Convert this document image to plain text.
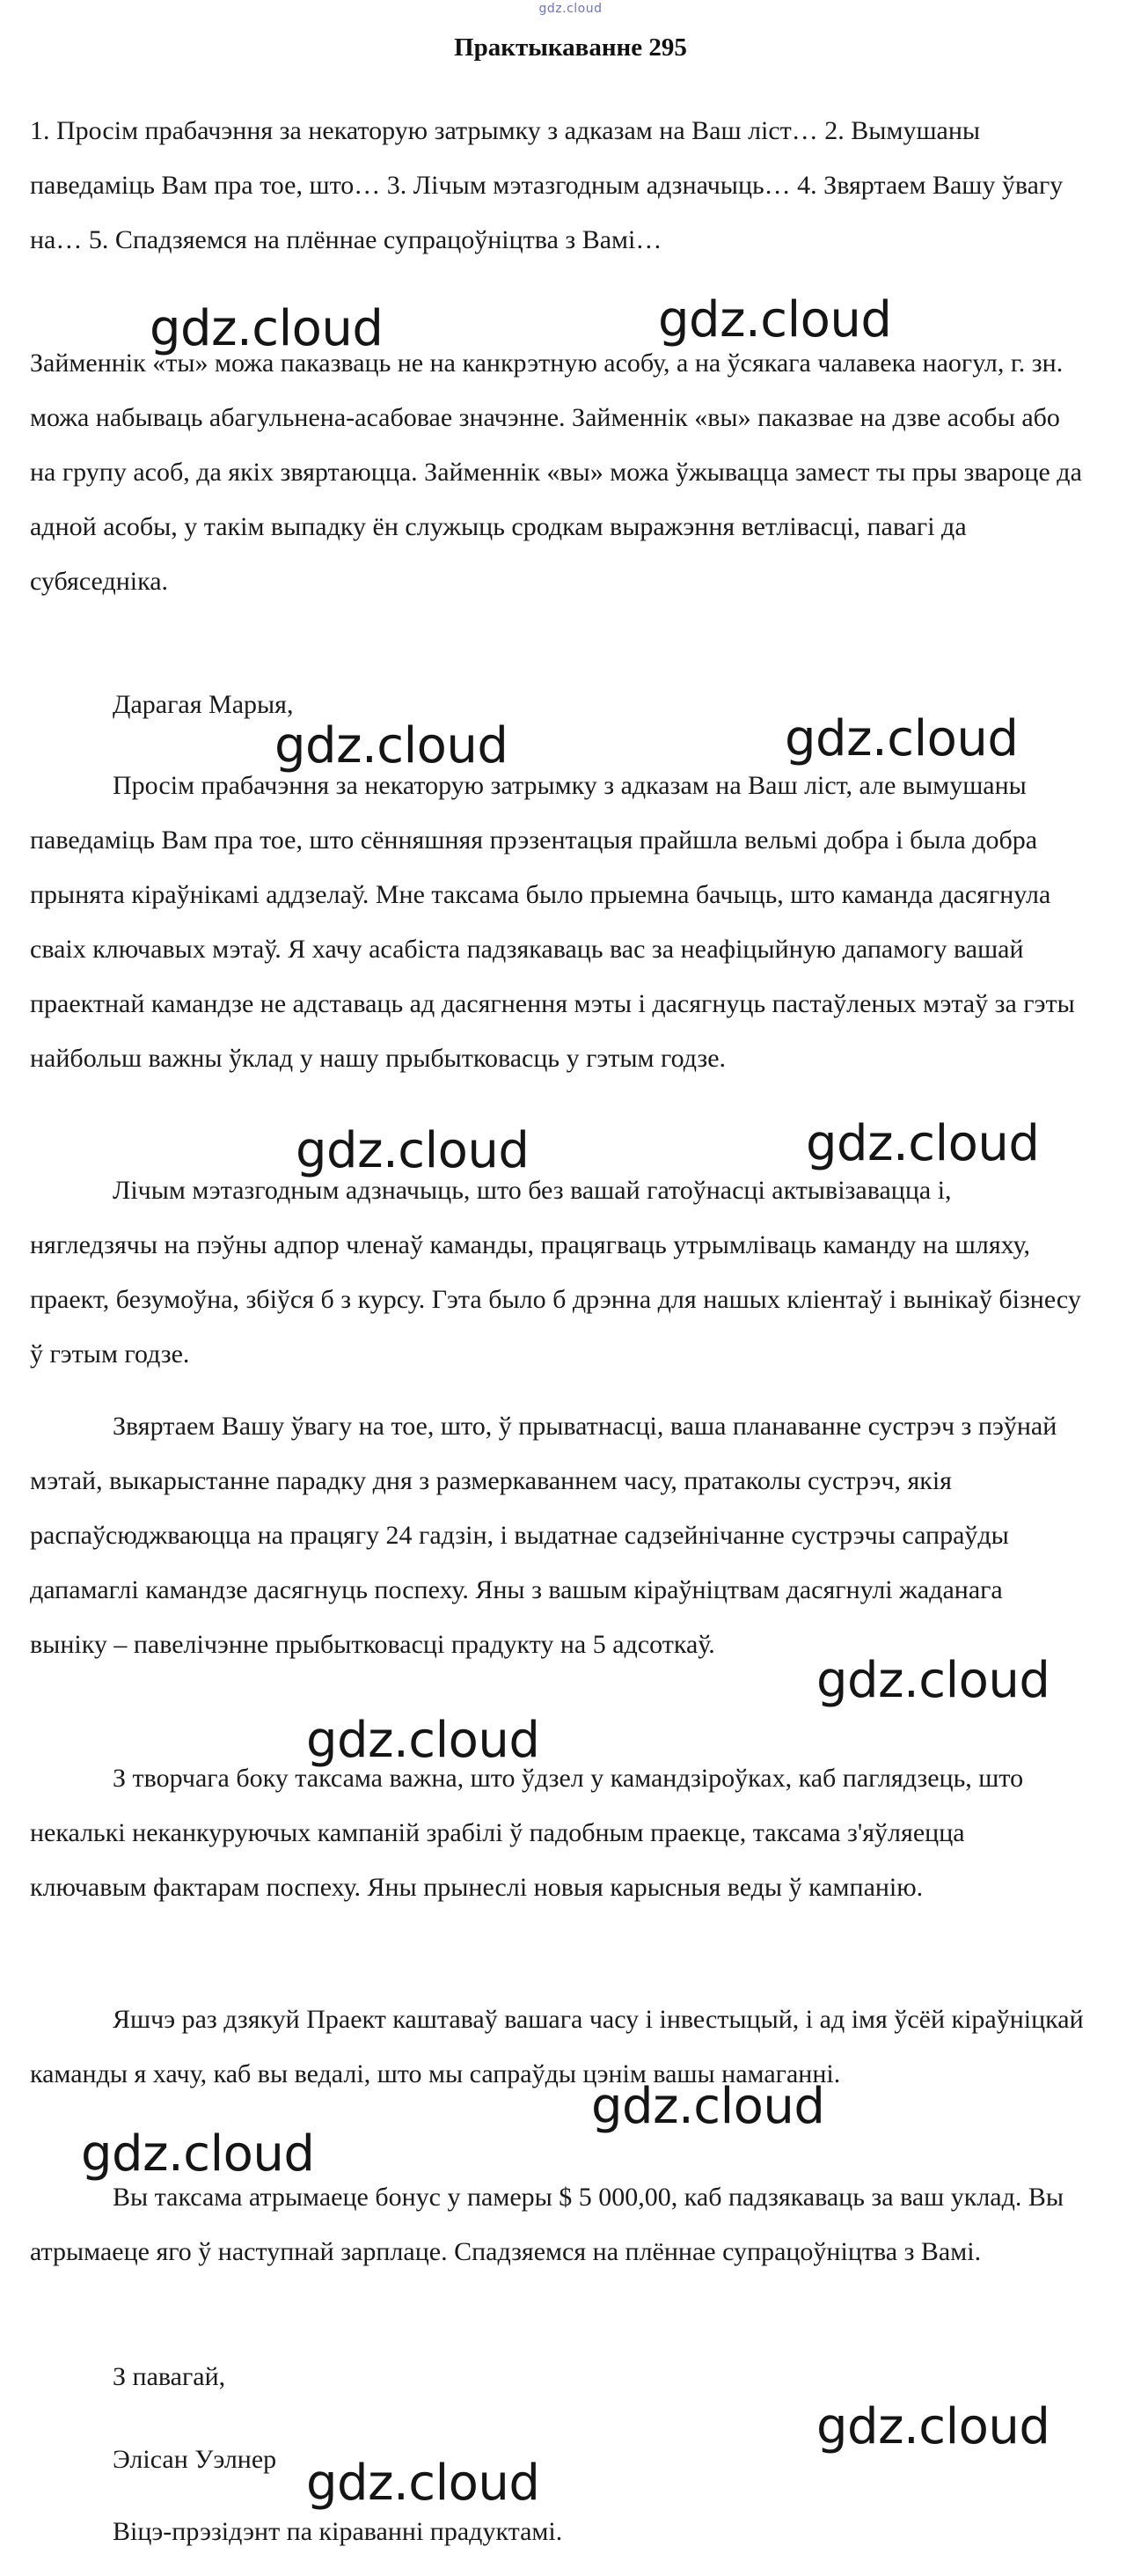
gdz.cloud
Практыкаванне 295

1. Просім прабачэння за некаторую затрымку з адказам на Ваш ліст… 2. Вымушаны паведаміць Вам пра тое, што… 3. Лічым мэтазгодным адзначыць… 4. Звяртаем Вашу ўвагу на… 5. Спадзяемся на плённае супрацоўніцтва з Вамі…

Займеннік «ты» можа паказваць не на канкрэтную асобу, а на ўсякага чалавека наогул, г. зн. можа набываць абагульнена-асабовае значэнне. Займеннік «вы» паказвае на дзве асобы або на групу асоб, да якіх звяртаюцца. Займеннік «вы» можа ўжывацца замест ты пры звароце да адной асобы, у такім выпадку ён служыць сродкам выражэння ветлівасці, павагі да субяседніка.

Дарагая Марыя,

Просім прабачэння за некаторую затрымку з адказам на Ваш ліст, але вымушаны паведаміць Вам пра тое, што сённяшняя прэзентацыя прайшла вельмі добра і была добра прынята кіраўнікамі аддзелаў. Мне таксама было прыемна бачыць, што каманда дасягнула сваіх ключавых мэтаў. Я хачу асабіста падзякаваць вас за неафіцыйную дапамогу вашай праектнай камандзе не адставаць ад дасягнення мэты і дасягнуць пастаўленых мэтаў за гэты найбольш важны ўклад у нашу прыбытковасць у гэтым годзе.

Лічым мэтазгодным адзначыць, што без вашай гатоўнасці актывізавацца і, нягледзячы на пэўны адпор членаў каманды, працягваць утрымліваць каманду на шляху, праект, безумоўна, збіўся б з курсу. Гэта было б дрэнна для нашых кліентаў і вынікаў бізнесу ў гэтым годзе.

Звяртаем Вашу ўвагу на тое, што, ў прыватнасці, ваша планаванне сустрэч з пэўнай мэтай, выкарыстанне парадку дня з размеркаваннем часу, пратаколы сустрэч, якія распаўсюджваюцца на працягу 24 гадзін, і выдатнае садзейнічанне сустрэчы сапраўды дапамаглі камандзе дасягнуць поспеху. Яны з вашым кіраўніцтвам дасягнулі жаданага выніку – павелічэнне прыбытковасці прадукту на 5 адсоткаў.

З творчага боку таксама важна, што ўдзел у камандзіроўках, каб паглядзець, што некалькі неканкуруючых кампаній зрабілі ў падобным праекце, таксама з'яўляецца ключавым фактарам поспеху. Яны прынеслі новыя карысныя веды ў кампанію.

Яшчэ раз дзякуй Праект каштаваў вашага часу і інвестыцый, і ад імя ўсёй кіраўніцкай каманды я хачу, каб вы ведалі, што мы сапраўды цэнім вашы намаганні.

Вы таксама атрымаеце бонус у памеры $ 5 000,00, каб падзякаваць за ваш уклад. Вы атрымаеце яго ў наступнай зарплаце. Спадзяемся на плённае супрацоўніцтва з Вамі.

З павагай,

Элісан Уэлнер

Віцэ-прэзідэнт па кіраванні прадуктамі.

gdz.cloud	gdz.cloud
gdz.cloud	gdz.cloud
gdz.cloud	gdz.cloud
gdz.cloud
gdz.cloud
gdz.cloud
gdz.cloud
gdz.cloud
gdz.cloud
